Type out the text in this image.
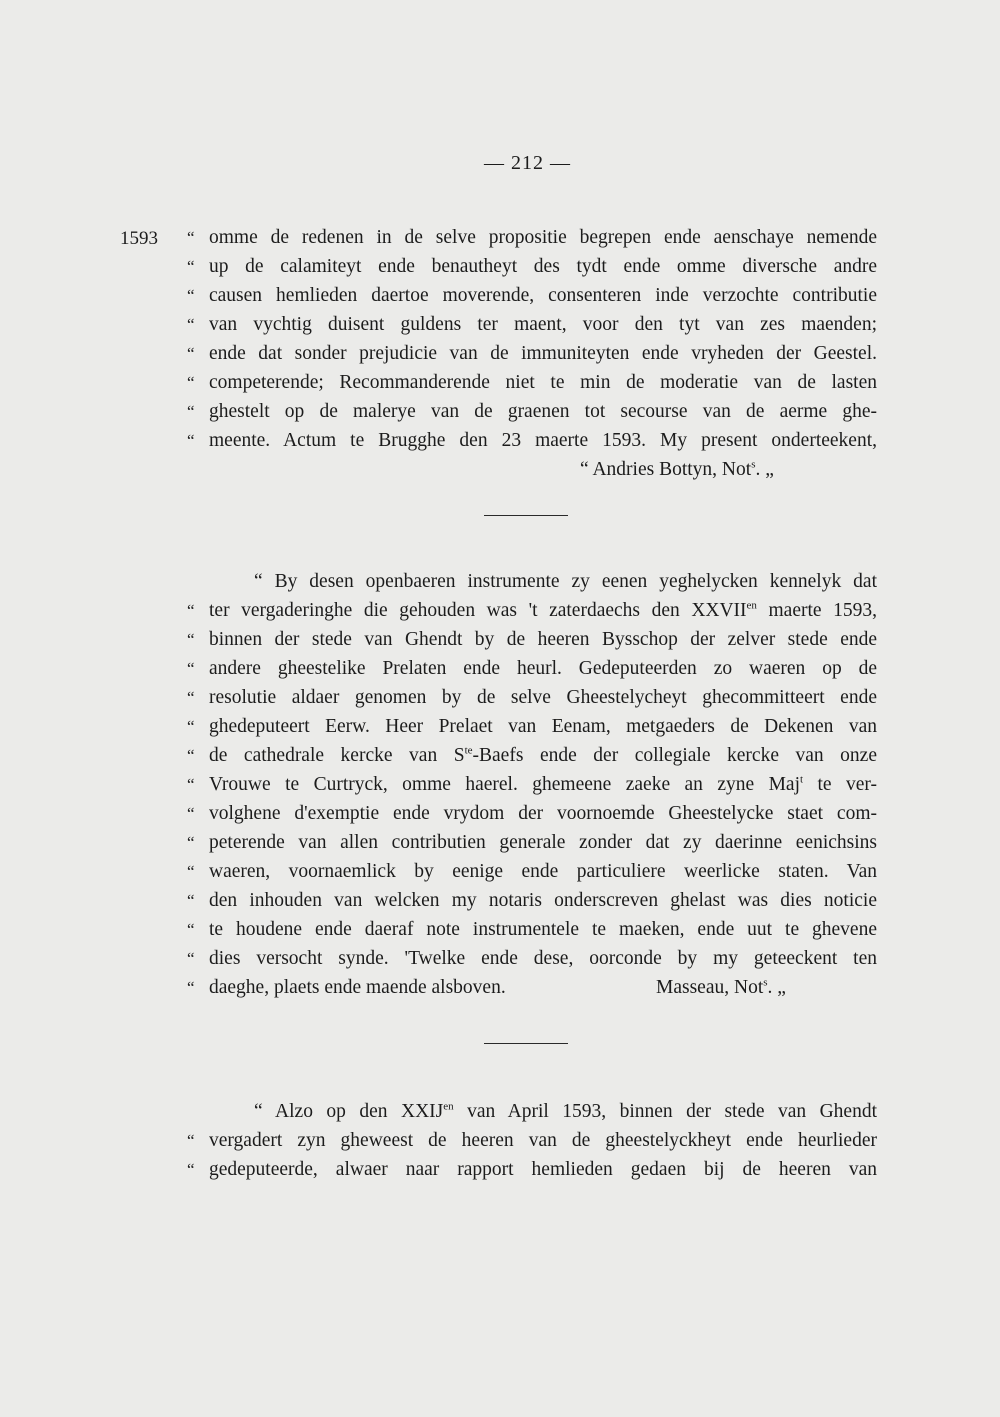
— 212 —
1593 “ omme de redenen in de selve propositie begrepen ende aenschaye nemende
“ up de calamiteyt ende benautheyt des tydt ende omme diversche andre
“ causen hemlieden daertoe moverende, consenteren inde verzochte contributie
“ van vychtig duisent guldens ter maent, voor den tyt van zes maenden;
“ ende dat sonder prejudicie van de immuniteyten ende vryheden der Geestel.
“ competerende; Recommanderende niet te min de moderatie van de lasten
“ ghestelt op de malerye van de graenen tot secourse van de aerme ghe-
“ meente. Actum te Brugghe den 23 maerte 1593. My present onderteekent,
“ Andries Bottyn, Not$^s$. „
“ By desen openbaeren instrumente zy eenen yeghelycken kennelyk dat
“ ter vergaderinghe die gehouden was 't zaterdaechs den $XXVII^{en}$ maerte 1593,
“ binnen der stede van Ghendt by de heeren Bysschop der zelver stede ende
“ andere gheestelike Prelaten ende heurl. Gedeputeerden zo waeren op de
“ resolutie aldaer genomen by de selve Gheestelycheyt ghecommitteert ende
“ ghedeputeert Eerw. Heer Prelaet van Eenam, metgaeders de Dekenen van
“ de cathedrale kercke van $S^{te}$-Baefs ende der collegiale kercke van onze
“ Vrouwe te Curtryck, omme haerel. ghemeene zaeke an zyne Maj$^t$ te ver-
“ volghene d'exemptie ende vrydom der voornoemde Gheestelycke staet com-
“ peterende van allen contributien generale zonder dat zy daerinne eenichsins
“ waeren, voornaemlick by eenige ende particuliere weerlicke staten. Van
“ den inhouden van welcken my notaris onderscreven ghelast was dies noticie
“ te houdene ende daeraf note instrumentele te maeken, ende uut te ghevene
“ dies versocht synde. 'Twelke ende dese, oorconde by my geteeckent ten
“ daeghe, plaets ende maende alsboven.	Masseau, Not$^s$. „
“ Alzo op den $XXIJ^{en}$ van April 1593, binnen der stede van Ghendt
“ vergadert zyn gheweest de heeren van de gheestelyckheyt ende heurlieder
“ gedeputeerde, alwaer naar rapport hemlieden gedaen bij de heeren van
